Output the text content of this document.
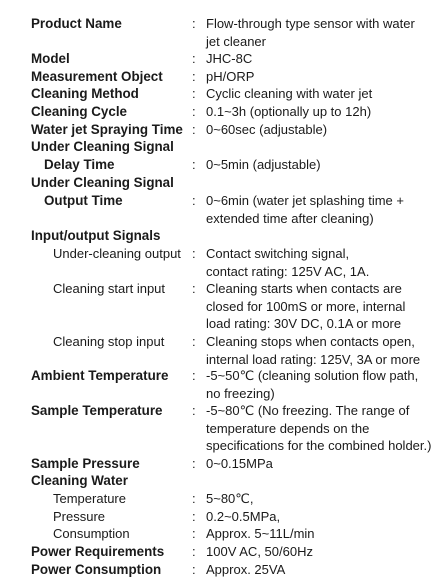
Product Name	: Flow-through type sensor with water
jet cleaner
Model	: JHC-8C
Measurement Object : pH/ORP
Cleaning Method	: Cyclic cleaning with water jet
Cleaning Cycle	: 0.1~3h (optionally up to 12h)
Water jet Spraying Time : 0~60sec (adjustable)
Under Cleaning Signal
Delay Time	: 0~5min (adjustable)
Under Cleaning Signal
Output Time	: 0~6min (water jet splashing time +
extended time after cleaning)
Input/output Signals
Under-cleaning output : Contact switching signal,
contact rating: 125V AC, 1A.
Cleaning start input : Cleaning starts when contacts are
closed for 100mS or more, internal
load rating: 30V DC, 0.1A or more
Cleaning stop input : Cleaning stops when contacts open,
internal load rating: 125V, 3A or more
Ambient Temperature : -5~50℃ (cleaning solution flow path,
no freezing)
Sample Temperature : -5~80℃ (No freezing. The range of
temperature depends on the
specifications for the combined holder.)
Sample Pressure	: 0~0.15MPa
Cleaning Water
Temperature	: 5~80℃,
Pressure	: 0.2~0.5MPa,
Consumption	: Approx. 5~11L/min
Power Requirements : 100V AC, 50/60Hz
Power Consumption : Approx. 25VA
